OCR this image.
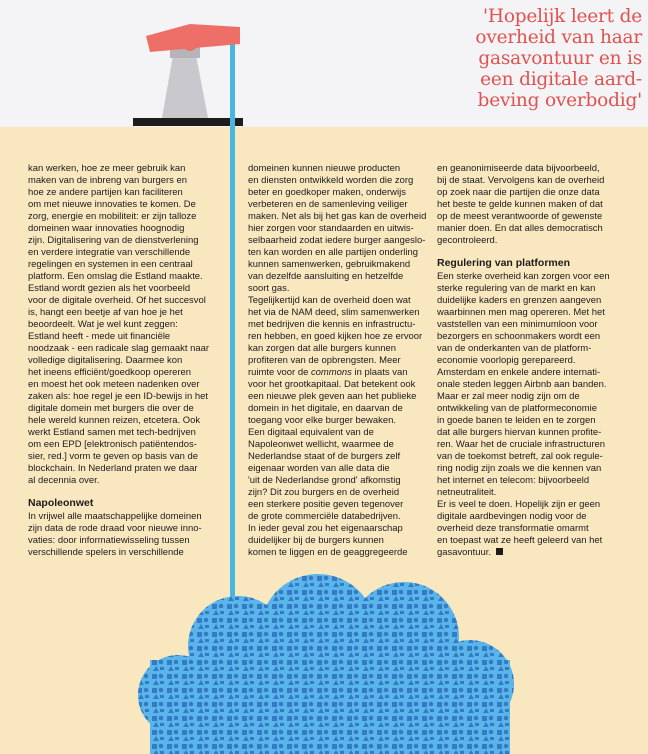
'Hopelijk leert de
overheid van haar
gasavontuur en is
een digitale aard-
beving overbodig'

kan werken, hoe ze meer gebruik kan
maken van de inbreng van burgers en
hoe ze andere partijen kan faciliteren
om met nieuwe innovaties te komen. De
zorg, energie en mobiliteit: er zijn talloze
domeinen waar innovaties hoognodig
zijn. Digitalisering van de dienstverlening
en verdere integratie van verschillende
regelingen en systemen in een centraal
platform. Een omslag die Estland maakte.
Estland wordt gezien als het voorbeeld
voor de digitale overheid. Of het succesvol
is, hangt een beetje af van hoe je het
beoordeelt. Wat je wel kunt zeggen:
Estland heeft - mede uit financiële
noodzaak - een radicale slag gemaakt naar
volledige digitalisering. Daarmee kon
het ineens efficiënt/goedkoop opereren
en moest het ook meteen nadenken over
zaken als: hoe regel je een ID-bewijs in het
digitale domein met burgers die over de
hele wereld kunnen reizen, etcetera. Ook
werkt Estland samen met tech-bedrijven
om een EPD [elektronisch patiëntendos-
sier, red.] vorm te geven op basis van de
blockchain. In Nederland praten we daar
al decennia over.

Napoleonwet

In vrijwel alle maatschappelijke domeinen
zijn data de rode draad voor nieuwe inno-
vaties: door informatiewisseling tussen
verschillende spelers in verschillende

domeinen kunnen nieuwe producten
en diensten ontwikkeld worden die zorg
beter en goedkoper maken, onderwijs
verbeteren en de samenleving veiliger
maken. Net als bij het gas kan de overheid
hier zorgen voor standaarden en uitwis-
selbaarheid zodat iedere burger aangeslo-
ten kan worden en alle partijen onderling
kunnen samenwerken, gebruikmakend
van dezelfde aansluiting en hetzelfde
soort gas.

Tegelijkertijd kan de overheid doen wat
het via de NAM deed, slim samenwerken
met bedrijven die kennis en infrastructu-
ren hebben, en goed kijken hoe ze ervoor
kan zorgen dat alle burgers kunnen
profiteren van de opbrengsten. Meer
ruimte voor de commons in plaats van
voor het grootkapitaal. Dat betekent ook
een nieuwe plek geven aan het publieke
domein in het digitale, en daarvan de
toegang voor elke burger bewaken.

Een digitaal equivalent van de
Napoleonwet wellicht, waarmee de
Nederlandse staat of de burgers zelf
eigenaar worden van alle data die
'uit de Nederlandse grond' afkomstig
zijn? Dit zou burgers en de overheid
een sterkere positie geven tegenover
de grote commerciële databedrijven.
In ieder geval zou het eigenaarschap
duidelijker bij de burgers kunnen
komen te liggen en de geaggregeerde

en geanonimiseerde data bijvoorbeeld,
bij de staat. Vervolgens kan de overheid
op zoek naar die partijen die onze data
het beste te gelde kunnen maken of dat
op de meest verantwoorde of gewenste
manier doen. En dat alles democratisch
gecontroleerd.

Regulering van platformen

Een sterke overheid kan zorgen voor een
sterke regulering van de markt en kan
duidelijke kaders en grenzen aangeven
waarbinnen men mag opereren. Met het
vaststellen van een minimumloon voor
bezorgers en schoonmakers wordt een
van de onderkanten van de platform-
economie voorlopig gerepareerd.
Amsterdam en enkele andere internati-
onale steden leggen Airbnb aan banden.
Maar er zal meer nodig zijn om de
ontwikkeling van de platformeconomie
in goede banen te leiden en te zorgen
dat alle burgers hiervan kunnen profite-
ren. Waar het de cruciale infrastructuren
van de toekomst betreft, zal ook regule-
ring nodig zijn zoals we die kennen van
het internet en telecom: bijvoorbeeld
netneutraliteit.

Er is veel te doen. Hopelijk zijn er geen
digitale aardbevingen nodig voor de
overheid deze transformatie omarmt
en toepast wat ze heeft geleerd van het
gasavontuur.
